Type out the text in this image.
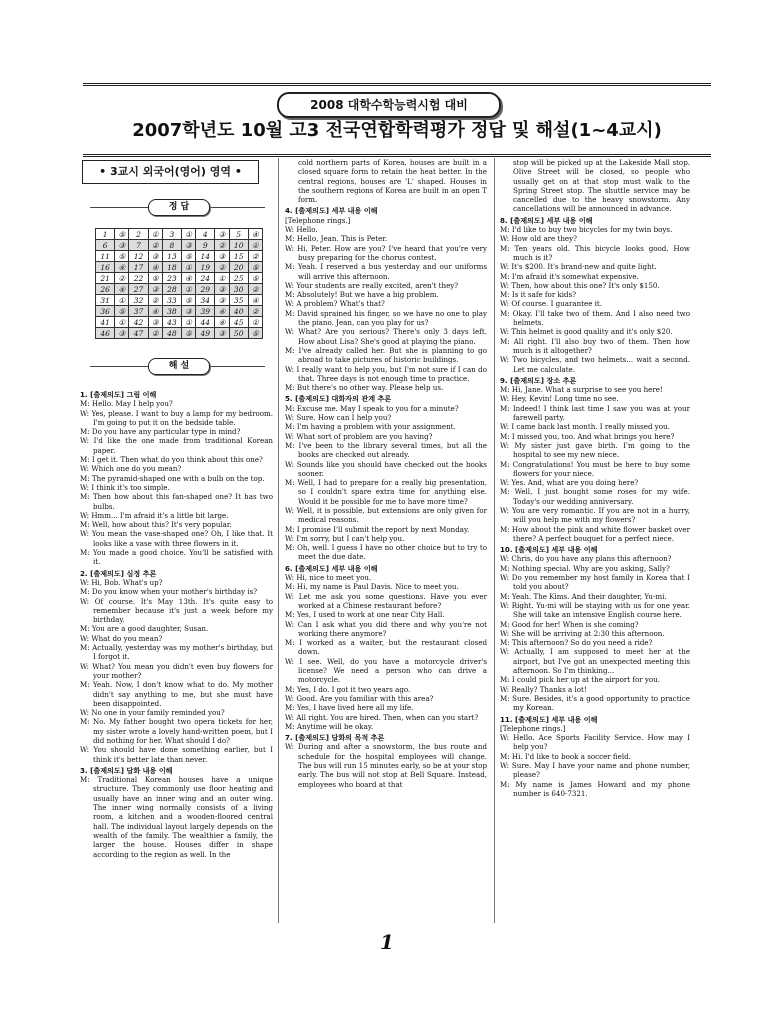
2008 대학수학능력시험 대비
2007학년도 10월 고3 전국연합학력평가 정답 및 해설(1~4교시)
• 3교시 외국어(영어) 영역 •
정 답
1	⑤	2	①	3	①	4	③	5	④
6	③	7	②	8	③	9	②	10	①
11	⑤	12	③	13	⑤	14	③	15	②
16	④	17	④	18	①	19	②	20	⑤
21	②	22	⑤	23	④	24	①	25	⑤
26	④	27	③	28	①	29	③	30	②
31	①	32	②	33	⑤	34	③	35	④
36	⑤	37	④	38	③	39	④	40	②
41	①	42	③	43	①	44	④	45	①
46	③	47	②	48	⑤	49	③	50	⑤
해 설

1. [출제의도] 그림 이해

M: Hello. May I help you?

W: Yes, please. I want to buy a lamp for my bedroom. I'm going to put it on the bedside table.

M: Do you have any particular type in mind?

W: I'd like the one made from traditional Korean paper.

M: I get it. Then what do you think about this one?

W: Which one do you mean?

M: The pyramid-shaped one with a bulb on the top.

W: I think it's too simple.

M: Then how about this fan-shaped one? It has two bulbs.

W: Hmm... I'm afraid it's a little bit large.

M: Well, how about this? It's very popular.

W: You mean the vase-shaped one? Oh, I like that. It looks like a vase with three flowers in it.

M: You made a good choice. You'll be satisfied with it.

2. [출제의도] 심정 추론

W: Hi, Bob. What's up?

M: Do you know when your mother's birthday is?

W: Of course. It's May 13th. It's quite easy to remember because it's just a week before my birthday.

M: You are a good daughter, Susan.

W: What do you mean?

M: Actually, yesterday was my mother's birthday, but I forgot it.

W: What? You mean you didn't even buy flowers for your mother?

M: Yeah. Now, I don't know what to do. My mother didn't say anything to me, but she must have been disappointed.

W: No one in your family reminded you?

M: No. My father bought two opera tickets for her, my sister wrote a lovely hand-written poem, but I did nothing for her. What should I do?

W: You should have done something earlier, but I think it's better late than never.

3. [출제의도] 담화 내용 이해

M: Traditional Korean houses have a unique structure. They commonly use floor heating and usually have an inner wing and an outer wing. The inner wing normally consists of a living room, a kitchen and a wooden-floored central hall. The individual layout largely depends on the wealth of the family. The wealthier a family, the larger the house. Houses differ in shape according to the region as well. In the

cold northern parts of Korea, houses are built in a closed square form to retain the heat better. In the central regions, houses are 'L' shaped. Houses in the southern regions of Korea are built in an open T form.

4. [출제의도] 세부 내용 이해

[Telephone rings.]

W: Hello.

M: Hello, Jean. This is Peter.

W: Hi, Peter. How are you? I've heard that you're very busy preparing for the chorus contest.

M: Yeah. I reserved a bus yesterday and our uniforms will arrive this afternoon.

W: Your students are really excited, aren't they?

M: Absolutely! But we have a big problem.

W: A problem? What's that?

M: David sprained his finger, so we have no one to play the piano. Jean, can you play for us?

W: What? Are you serious? There's only 3 days left. How about Lisa? She's good at playing the piano.

M: I've already called her. But she is planning to go abroad to take pictures of historic buildings.

W: I really want to help you, but I'm not sure if I can do that. Three days is not enough time to practice.

M: But there's no other way. Please help us.

5. [출제의도] 대화자의 관계 추론

M: Excuse me. May I speak to you for a minute?

W: Sure. How can I help you?

M: I'm having a problem with your assignment.

W: What sort of problem are you having?

M: I've been to the library several times, but all the books are checked out already.

W: Sounds like you should have checked out the books sooner.

M: Well, I had to prepare for a really big presentation, so I couldn't spare extra time for anything else. Would it be possible for me to have more time?

W: Well, it is possible, but extensions are only given for medical reasons.

M: I promise I'll submit the report by next Monday.

W: I'm sorry, but I can't help you.

M: Oh, well. I guess I have no other choice but to try to meet the due date.

6. [출제의도] 세부 내용 이해

W: Hi, nice to meet you.

M: Hi, my name is Paul Davis. Nice to meet you.

W: Let me ask you some questions. Have you ever worked at a Chinese restaurant before?

M: Yes, I used to work at one near City Hall.

W: Can I ask what you did there and why you're not working there anymore?

M: I worked as a waiter, but the restaurant closed down.

W: I see. Well, do you have a motorcycle driver's license? We need a person who can drive a motorcycle.

M: Yes, I do. I got it two years ago.

W: Good. Are you familiar with this area?

M: Yes, I have lived here all my life.

W: All right. You are hired. Then, when can you start?

M: Anytime will be okay.

7. [출제의도] 담화의 목적 추론

W: During and after a snowstorm, the bus route and schedule for the hospital employees will change. The bus will run 15 minutes early, so be at your stop early. The bus will not stop at Bell Square. Instead, employees who board at that

stop will be picked up at the Lakeside Mall stop. Olive Street will be closed, so people who usually get on at that stop must walk to the Spring Street stop. The shuttle service may be cancelled due to the heavy snowstorm. Any cancellations will be announced in advance.

8. [출제의도] 세부 내용 이해

M: I'd like to buy two bicycles for my twin boys.

W: How old are they?

M: Ten years old. This bicycle looks good. How much is it?

W: It's $200. It's brand-new and quite light.

M: I'm afraid it's somewhat expensive.

W: Then, how about this one? It's only $150.

M: Is it safe for kids?

W: Of course. I guarantee it.

M: Okay. I'll take two of them. And I also need two helmets.

W: This helmet is good quality and it's only $20.

M: All right. I'll also buy two of them. Then how much is it altogether?

W: Two bicycles, and two helmets... wait a second. Let me calculate.

9. [출제의도] 장소 추론

M: Hi, Jane. What a surprise to see you here!

W: Hey, Kevin! Long time no see.

M: Indeed! I think last time I saw you was at your farewell party.

W: I came back last month. I really missed you.

M: I missed you, too. And what brings you here?

W: My sister just gave birth. I'm going to the hospital to see my new niece.

M: Congratulations! You must be here to buy some flowers for your niece.

W: Yes. And, what are you doing here?

M: Well, I just bought some roses for my wife. Today's our wedding anniversary.

W: You are very romantic. If you are not in a hurry, will you help me with my flowers?

M: How about the pink and white flower basket over there? A perfect bouquet for a perfect niece.

10. [출제의도] 세부 내용 이해

W: Chris, do you have any plans this afternoon?

M: Nothing special. Why are you asking, Sally?

W: Do you remember my host family in Korea that I told you about?

M: Yeah. The Kims. And their daughter, Yu-mi.

W: Right. Yu-mi will be staying with us for one year. She will take an intensive English course here.

M: Good for her! When is she coming?

W: She will be arriving at 2:30 this afternoon.

M: This afternoon? So do you need a ride?

W: Actually, I am supposed to meet her at the airport, but I've got an unexpected meeting this afternoon. So I'm thinking...

M: I could pick her up at the airport for you.

W: Really? Thanks a lot!

M: Sure. Besides, it's a good opportunity to practice my Korean.

11. [출제의도] 세부 내용 이해

[Telephone rings.]

W: Hello. Ace Sports Facility Service. How may I help you?

M: Hi. I'd like to book a soccer field.

W: Sure. May I have your name and phone number, please?

M: My name is James Howard and my phone number is 640-7321.

1
